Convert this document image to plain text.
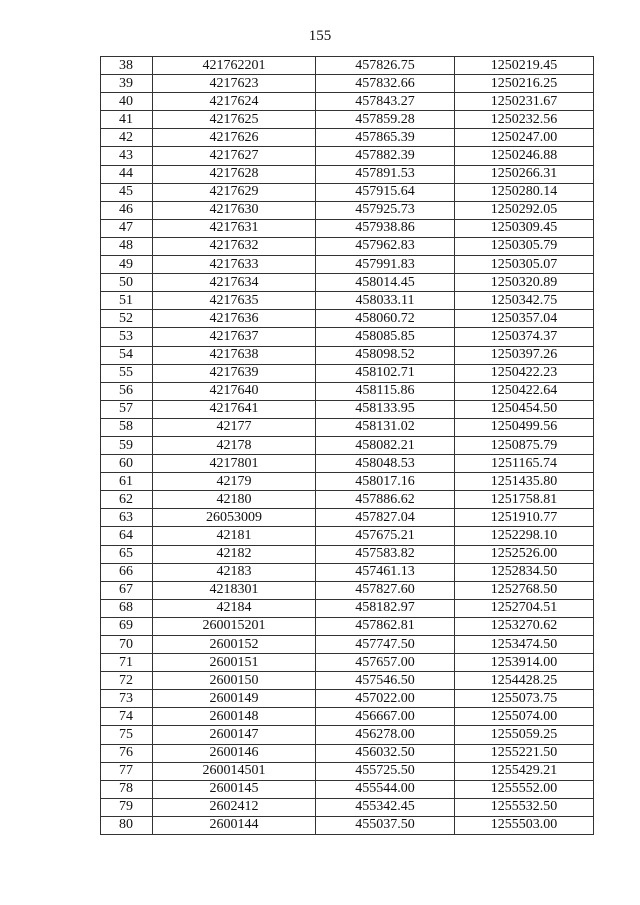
155
38	421762201	457826.75	1250219.45
39	4217623	457832.66	1250216.25
40	4217624	457843.27	1250231.67
41	4217625	457859.28	1250232.56
42	4217626	457865.39	1250247.00
43	4217627	457882.39	1250246.88
44	4217628	457891.53	1250266.31
45	4217629	457915.64	1250280.14
46	4217630	457925.73	1250292.05
47	4217631	457938.86	1250309.45
48	4217632	457962.83	1250305.79
49	4217633	457991.83	1250305.07
50	4217634	458014.45	1250320.89
51	4217635	458033.11	1250342.75
52	4217636	458060.72	1250357.04
53	4217637	458085.85	1250374.37
54	4217638	458098.52	1250397.26
55	4217639	458102.71	1250422.23
56	4217640	458115.86	1250422.64
57	4217641	458133.95	1250454.50
58	42177	458131.02	1250499.56
59	42178	458082.21	1250875.79
60	4217801	458048.53	1251165.74
61	42179	458017.16	1251435.80
62	42180	457886.62	1251758.81
63	26053009	457827.04	1251910.77
64	42181	457675.21	1252298.10
65	42182	457583.82	1252526.00
66	42183	457461.13	1252834.50
67	4218301	457827.60	1252768.50
68	42184	458182.97	1252704.51
69	260015201	457862.81	1253270.62
70	2600152	457747.50	1253474.50
71	2600151	457657.00	1253914.00
72	2600150	457546.50	1254428.25
73	2600149	457022.00	1255073.75
74	2600148	456667.00	1255074.00
75	2600147	456278.00	1255059.25
76	2600146	456032.50	1255221.50
77	260014501	455725.50	1255429.21
78	2600145	455544.00	1255552.00
79	2602412	455342.45	1255532.50
80	2600144	455037.50	1255503.00
